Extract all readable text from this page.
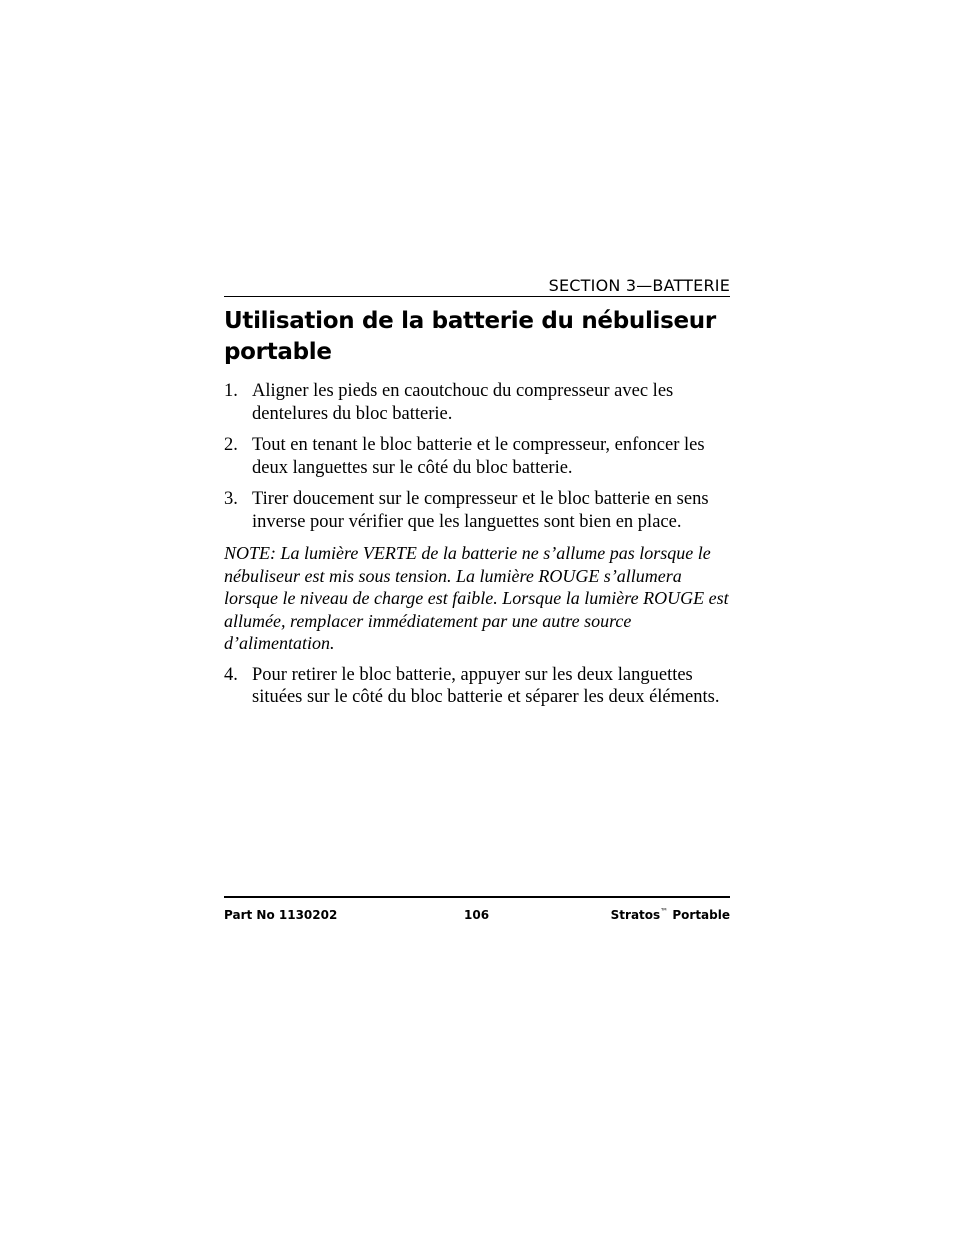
SECTION 3—BATTERIE
Utilisation de la batterie du nébuliseur portable
1. Aligner les pieds en caoutchouc du compresseur avec les dentelures du bloc batterie.
2. Tout en tenant le bloc batterie et le compresseur, enfoncer les deux languettes sur le côté du bloc batterie.
3. Tirer doucement sur le compresseur et le bloc batterie en sens inverse pour vérifier que les languettes sont bien en place.

NOTE: La lumière VERTE de la batterie ne s’allume pas lorsque le nébuliseur est mis sous tension. La lumière ROUGE s’allumera lorsque le niveau de charge est faible. Lorsque la lumière ROUGE est allumée, remplacer immédiatement par une autre source d’alimentation.

4. Pour retirer le bloc batterie, appuyer sur les deux languettes situées sur le côté du bloc batterie et séparer les deux éléments.
Part No 1130202	106	Stratos™ Portable
